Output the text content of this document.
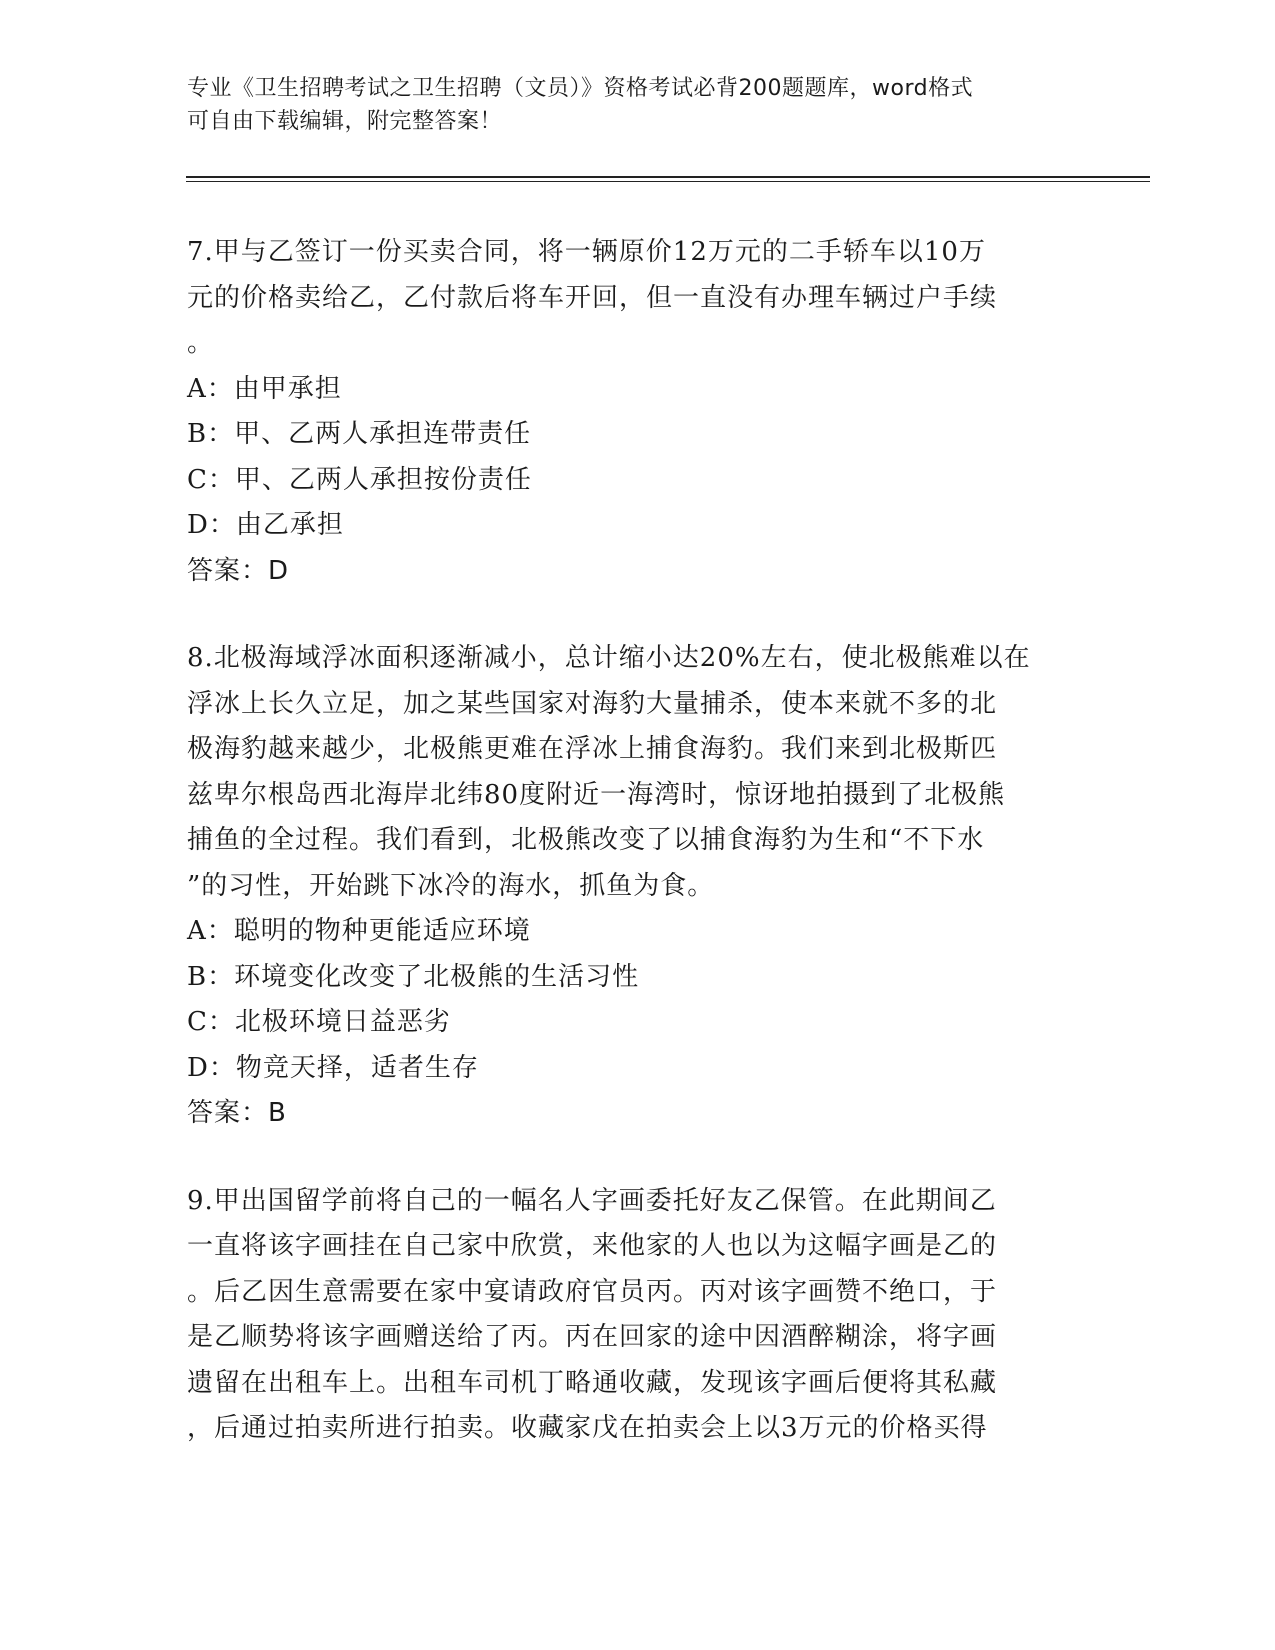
专业《卫生招聘考试之卫生招聘（文员）》资格考试必背200题题库，word格式
可自由下载编辑，附完整答案！
7.甲与乙签订一份买卖合同，将一辆原价12万元的二手轿车以10万
元的价格卖给乙，乙付款后将车开回，但一直没有办理车辆过户手续
。
A：由甲承担
B：甲、乙两人承担连带责任
C：甲、乙两人承担按份责任
D：由乙承担
答案：D
8.北极海域浮冰面积逐渐减小，总计缩小达20%左右，使北极熊难以在
浮冰上长久立足，加之某些国家对海豹大量捕杀，使本来就不多的北
极海豹越来越少，北极熊更难在浮冰上捕食海豹。我们来到北极斯匹
兹卑尔根岛西北海岸北纬80度附近一海湾时，惊讶地拍摄到了北极熊
捕鱼的全过程。我们看到，北极熊改变了以捕食海豹为生和“不下水
”的习性，开始跳下冰冷的海水，抓鱼为食。
A：聪明的物种更能适应环境
B：环境变化改变了北极熊的生活习性
C：北极环境日益恶劣
D：物竞天择，适者生存
答案：B
9.甲出国留学前将自己的一幅名人字画委托好友乙保管。在此期间乙
一直将该字画挂在自己家中欣赏，来他家的人也以为这幅字画是乙的
。后乙因生意需要在家中宴请政府官员丙。丙对该字画赞不绝口，于
是乙顺势将该字画赠送给了丙。丙在回家的途中因酒醉糊涂，将字画
遗留在出租车上。出租车司机丁略通收藏，发现该字画后便将其私藏
，后通过拍卖所进行拍卖。收藏家戊在拍卖会上以3万元的价格买得
